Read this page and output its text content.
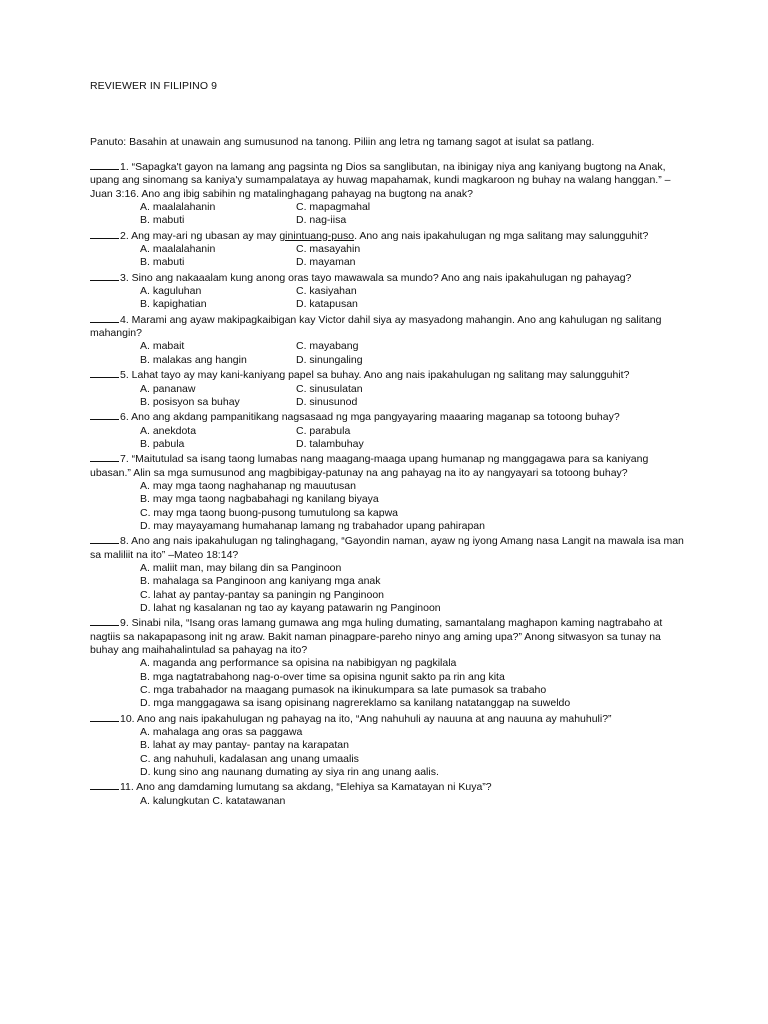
REVIEWER IN FILIPINO 9
Panuto: Basahin at unawain ang sumusunod na tanong. Piliin ang letra ng tamang sagot at isulat sa patlang.

1. “Sapagka't gayon na lamang ang pagsinta ng Dios sa sanglibutan, na ibinigay niya ang kaniyang bugtong na Anak, upang ang sinomang sa kaniya'y sumampalataya ay huwag mapahamak, kundi magkaroon ng buhay na walang hanggan.” –Juan 3:16. Ano ang ibig sabihin ng matalinghagang pahayag na bugtong na anak?

A. maalalahanin	C. mapagmahal
B. mabuti	D. nag-iisa

2. Ang may-ari ng ubasan ay may ginintuang-puso. Ano ang nais ipakahulugan ng mga salitang may salungguhit?

A. maalalahanin	C. masayahin
B. mabuti	D. mayaman

3. Sino ang nakaaalam kung anong oras tayo mawawala sa mundo? Ano ang nais ipakahulugan ng pahayag?

A. kaguluhan	C. kasiyahan
B. kapighatian	D. katapusan

4. Marami ang ayaw makipagkaibigan kay Victor dahil siya ay masyadong mahangin. Ano ang kahulugan ng salitang mahangin?

A. mabait	C. mayabang
B. malakas ang hangin	D. sinungaling

5. Lahat tayo ay may kani-kaniyang papel sa buhay. Ano ang nais ipakahulugan ng salitang may salungguhit?

A. pananaw	C. sinusulatan
B. posisyon sa buhay	D. sinusunod

6. Ano ang akdang pampanitikang nagsasaad ng mga pangyayaring maaaring maganap sa totoong buhay?

A. anekdota	C. parabula
B. pabula	D. talambuhay

7. “Maitutulad sa isang taong lumabas nang maagang-maaga upang humanap ng manggagawa para sa kaniyang ubasan.” Alin sa mga sumusunod ang magbibigay-patunay na ang pahayag na ito ay nangyayari sa totoong buhay?

A. may mga taong naghahanap ng mauutusan
B. may mga taong nagbabahagi ng kanilang biyaya
C. may mga taong buong-pusong tumutulong sa kapwa
D. may mayayamang humahanap lamang ng trabahador upang pahirapan

8. Ano ang nais ipakahulugan ng talinghagang, “Gayondin naman, ayaw ng iyong Amang nasa Langit na mawala isa man sa maliliit na ito” –Mateo 18:14?

A. maliit man, may bilang din sa Panginoon
B. mahalaga sa Panginoon ang kaniyang mga anak
C. lahat ay pantay-pantay sa paningin ng Panginoon
D. lahat ng kasalanan ng tao ay kayang patawarin ng Panginoon

9. Sinabi nila, “Isang oras lamang gumawa ang mga huling dumating, samantalang maghapon kaming nagtrabaho at nagtiis sa nakapapasong init ng araw. Bakit naman pinagpare-pareho ninyo ang aming upa?” Anong sitwasyon sa tunay na buhay ang maihahalintulad sa pahayag na ito?

A. maganda ang performance sa opisina na nabibigyan ng pagkilala
B. mga nagtatrabahong nag-o-over time sa opisina ngunit sakto pa rin ang kita
C. mga trabahador na maagang pumasok na ikinukumpara sa late pumasok sa trabaho
D. mga manggagawa sa isang opisinang nagrereklamo sa kanilang natatanggap na suweldo

10. Ano ang nais ipakahulugan ng pahayag na ito, “Ang nahuhuli ay nauuna at ang nauuna ay mahuhuli?”

A. mahalaga ang oras sa paggawa
B. lahat ay may pantay- pantay na karapatan
C. ang nahuhuli, kadalasan ang unang umaalis
D. kung sino ang naunang dumating ay siya rin ang unang aalis.

11. Ano ang damdaming lumutang sa akdang, “Elehiya sa Kamatayan ni Kuya”?

A. kalungkutan C. katatawanan
